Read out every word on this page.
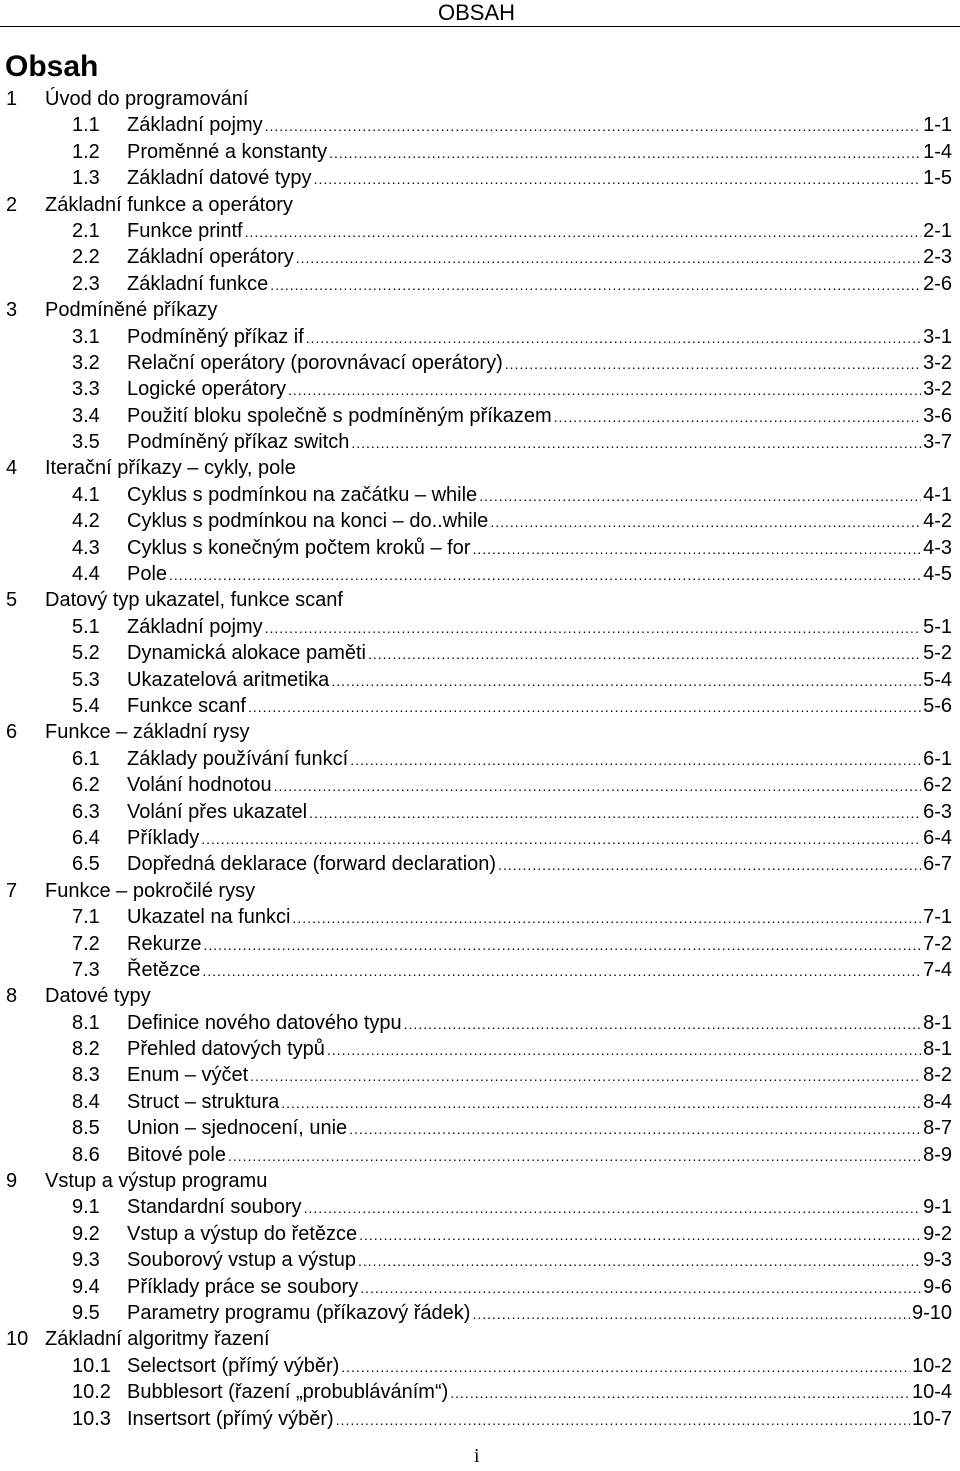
OBSAH
Obsah
1 Úvod do programování
1.1 Základní pojmy .....	1-1
1.2 Proměnné a konstanty .....	1-4
1.3 Základní datové typy .....	1-5
2 Základní funkce a operátory
2.1 Funkce printf .....	2-1
2.2 Základní operátory .....	2-3
2.3 Základní funkce .....	2-6
3 Podmíněné příkazy
3.1 Podmíněný příkaz if .....	3-1
3.2 Relační operátory (porovnávací operátory) .....	3-2
3.3 Logické operátory .....	3-2
3.4 Použití bloku společně s podmíněným příkazem .....	3-6
3.5 Podmíněný příkaz switch .....	3-7
4 Iterační příkazy – cykly, pole
4.1 Cyklus s podmínkou na začátku – while .....	4-1
4.2 Cyklus s podmínkou na konci – do..while .....	4-2
4.3 Cyklus s konečným počtem kroků – for .....	4-3
4.4 Pole .....	4-5
5 Datový typ ukazatel, funkce scanf
5.1 Základní pojmy .....	5-1
5.2 Dynamická alokace paměti .....	5-2
5.3 Ukazatelová aritmetika .....	5-4
5.4 Funkce scanf .....	5-6
6 Funkce – základní rysy
6.1 Základy používání funkcí .....	6-1
6.2 Volání hodnotou .....	6-2
6.3 Volání přes ukazatel .....	6-3
6.4 Příklady .....	6-4
6.5 Dopředná deklarace (forward declaration) .....	6-7
7 Funkce – pokročilé rysy
7.1 Ukazatel na funkci .....	7-1
7.2 Rekurze .....	7-2
7.3 Řetězce .....	7-4
8 Datové typy
8.1 Definice nového datového typu .....	8-1
8.2 Přehled datových typů .....	8-1
8.3 Enum – výčet .....	8-2
8.4 Struct – struktura .....	8-4
8.5 Union – sjednocení, unie .....	8-7
8.6 Bitové pole .....	8-9
9 Vstup a výstup programu
9.1 Standardní soubory .....	9-1
9.2 Vstup a výstup do řetězce .....	9-2
9.3 Souborový vstup a výstup .....	9-3
9.4 Příklady práce se soubory .....	9-6
9.5 Parametry programu (příkazový řádek) .....	9-10
10 Základní algoritmy řazení
10.1 Selectsort (přímý výběr) .....	10-2
10.2 Bubblesort (řazení „probubláváním“) .....	10-4
10.3 Insertsort (přímý výběr) .....	10-7
i
